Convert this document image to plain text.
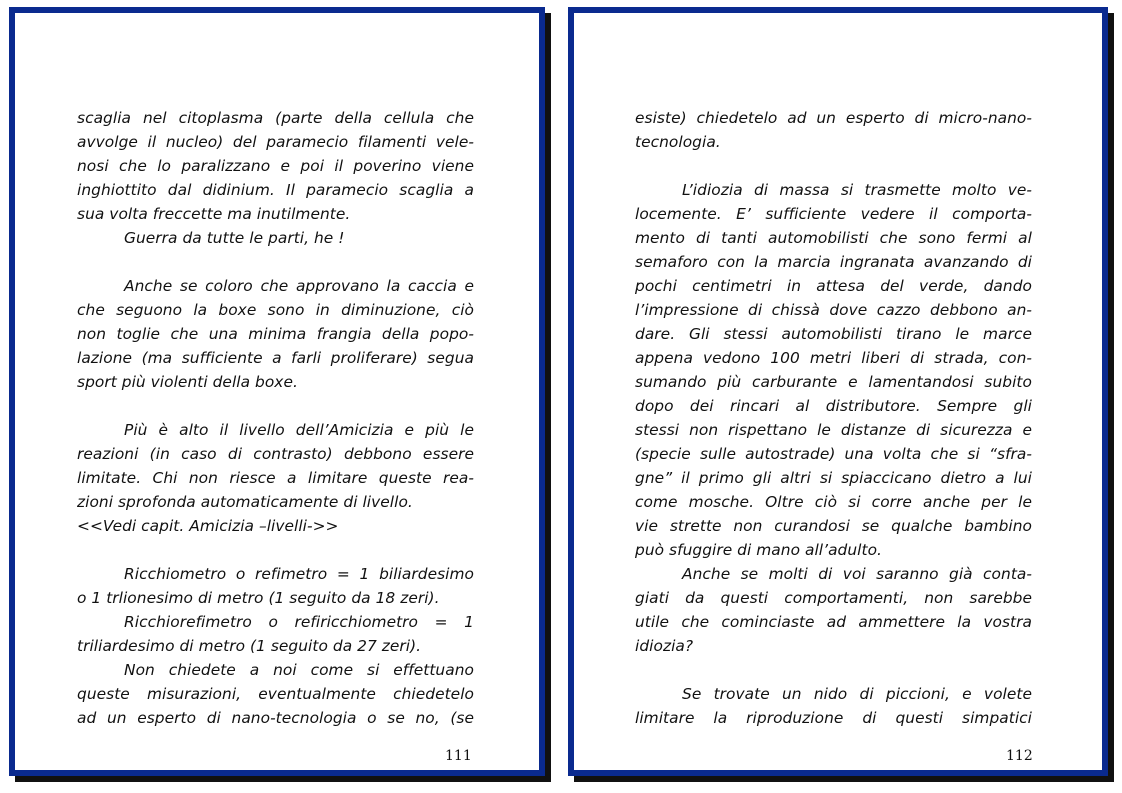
scaglia nel citoplasma (parte della cellula che
avvolge il nucleo) del paramecio filamenti vele-
nosi che lo paralizzano e poi il poverino viene
inghiottito dal didinium. Il paramecio scaglia a
sua volta freccette ma inutilmente.
Guerra da tutte le parti, he !
Anche se coloro che approvano la caccia e
che seguono la boxe sono in diminuzione, ciò
non toglie che una minima frangia della popo-
lazione (ma sufficiente a farli proliferare) segua
sport più violenti della boxe.
Più è alto il livello dell’Amicizia e più le
reazioni (in caso di contrasto) debbono essere
limitate. Chi non riesce a limitare queste rea-
zioni sprofonda automaticamente di livello.
<<Vedi capit. Amicizia –livelli->>
Ricchiometro o refimetro = 1 biliardesimo
o 1 trlionesimo di metro (1 seguito da 18 zeri).
Ricchiorefimetro o refiricchiometro = 1
triliardesimo di metro (1 seguito da 27 zeri).
Non chiedete a noi come si effettuano
queste misurazioni, eventualmente chiedetelo
ad un esperto di nano-tecnologia o se no, (se
111
esiste) chiedetelo ad un esperto di micro-nano-
tecnologia.
L’idiozia di massa si trasmette molto ve-
locemente. E’ sufficiente vedere il comporta-
mento di tanti automobilisti che sono fermi al
semaforo con la marcia ingranata avanzando di
pochi centimetri in attesa del verde, dando
l’impressione di chissà dove cazzo debbono an-
dare. Gli stessi automobilisti tirano le marce
appena vedono 100 metri liberi di strada, con-
sumando più carburante e lamentandosi subito
dopo dei rincari al distributore. Sempre gli
stessi non rispettano le distanze di sicurezza e
(specie sulle autostrade) una volta che si “sfra-
gne” il primo gli altri si spiaccicano dietro a lui
come mosche. Oltre ciò si corre anche per le
vie strette non curandosi se qualche bambino
può sfuggire di mano all’adulto.
Anche se molti di voi saranno già conta-
giati da questi comportamenti, non sarebbe
utile che cominciaste ad ammettere la vostra
idiozia?
Se trovate un nido di piccioni, e volete
limitare la riproduzione di questi simpatici
112
